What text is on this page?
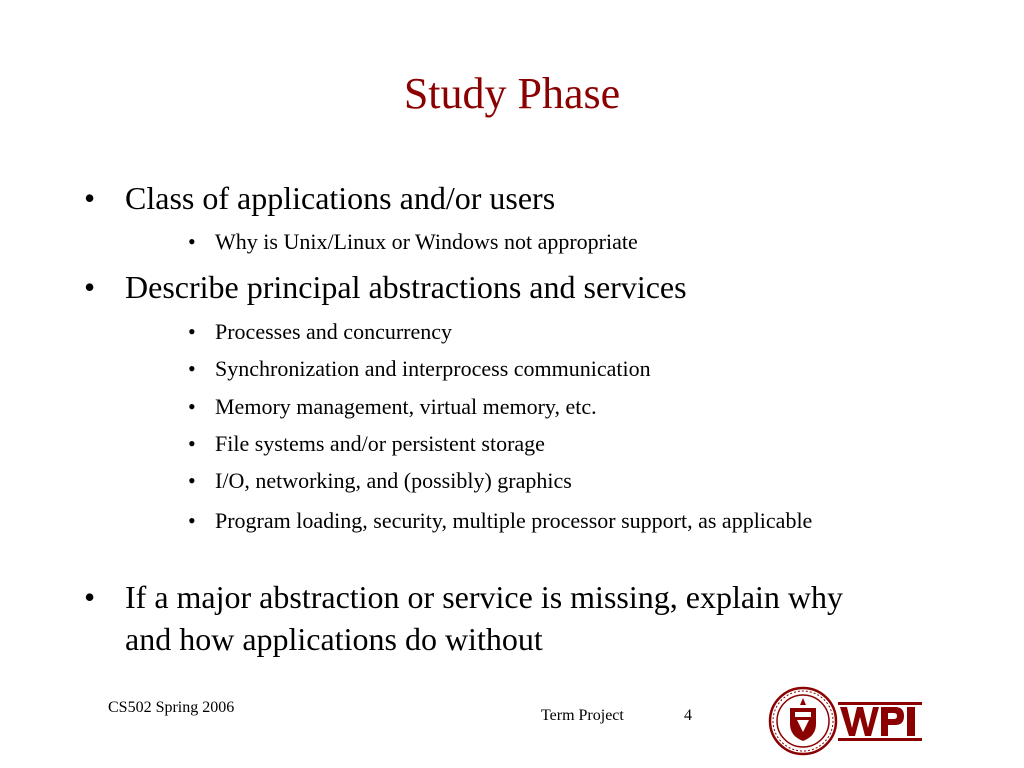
Study Phase
• Class of applications and/or users
• Why is Unix/Linux or Windows not appropriate
• Describe principal abstractions and services
• Processes and concurrency
• Synchronization and interprocess communication
• Memory management, virtual memory, etc.
• File systems and/or persistent storage
• I/O, networking, and (possibly) graphics
• Program loading, security, multiple processor support, as applicable
• If a major abstraction or service is missing, explain why and how applications do without
CS502 Spring 2006	Term Project	4
